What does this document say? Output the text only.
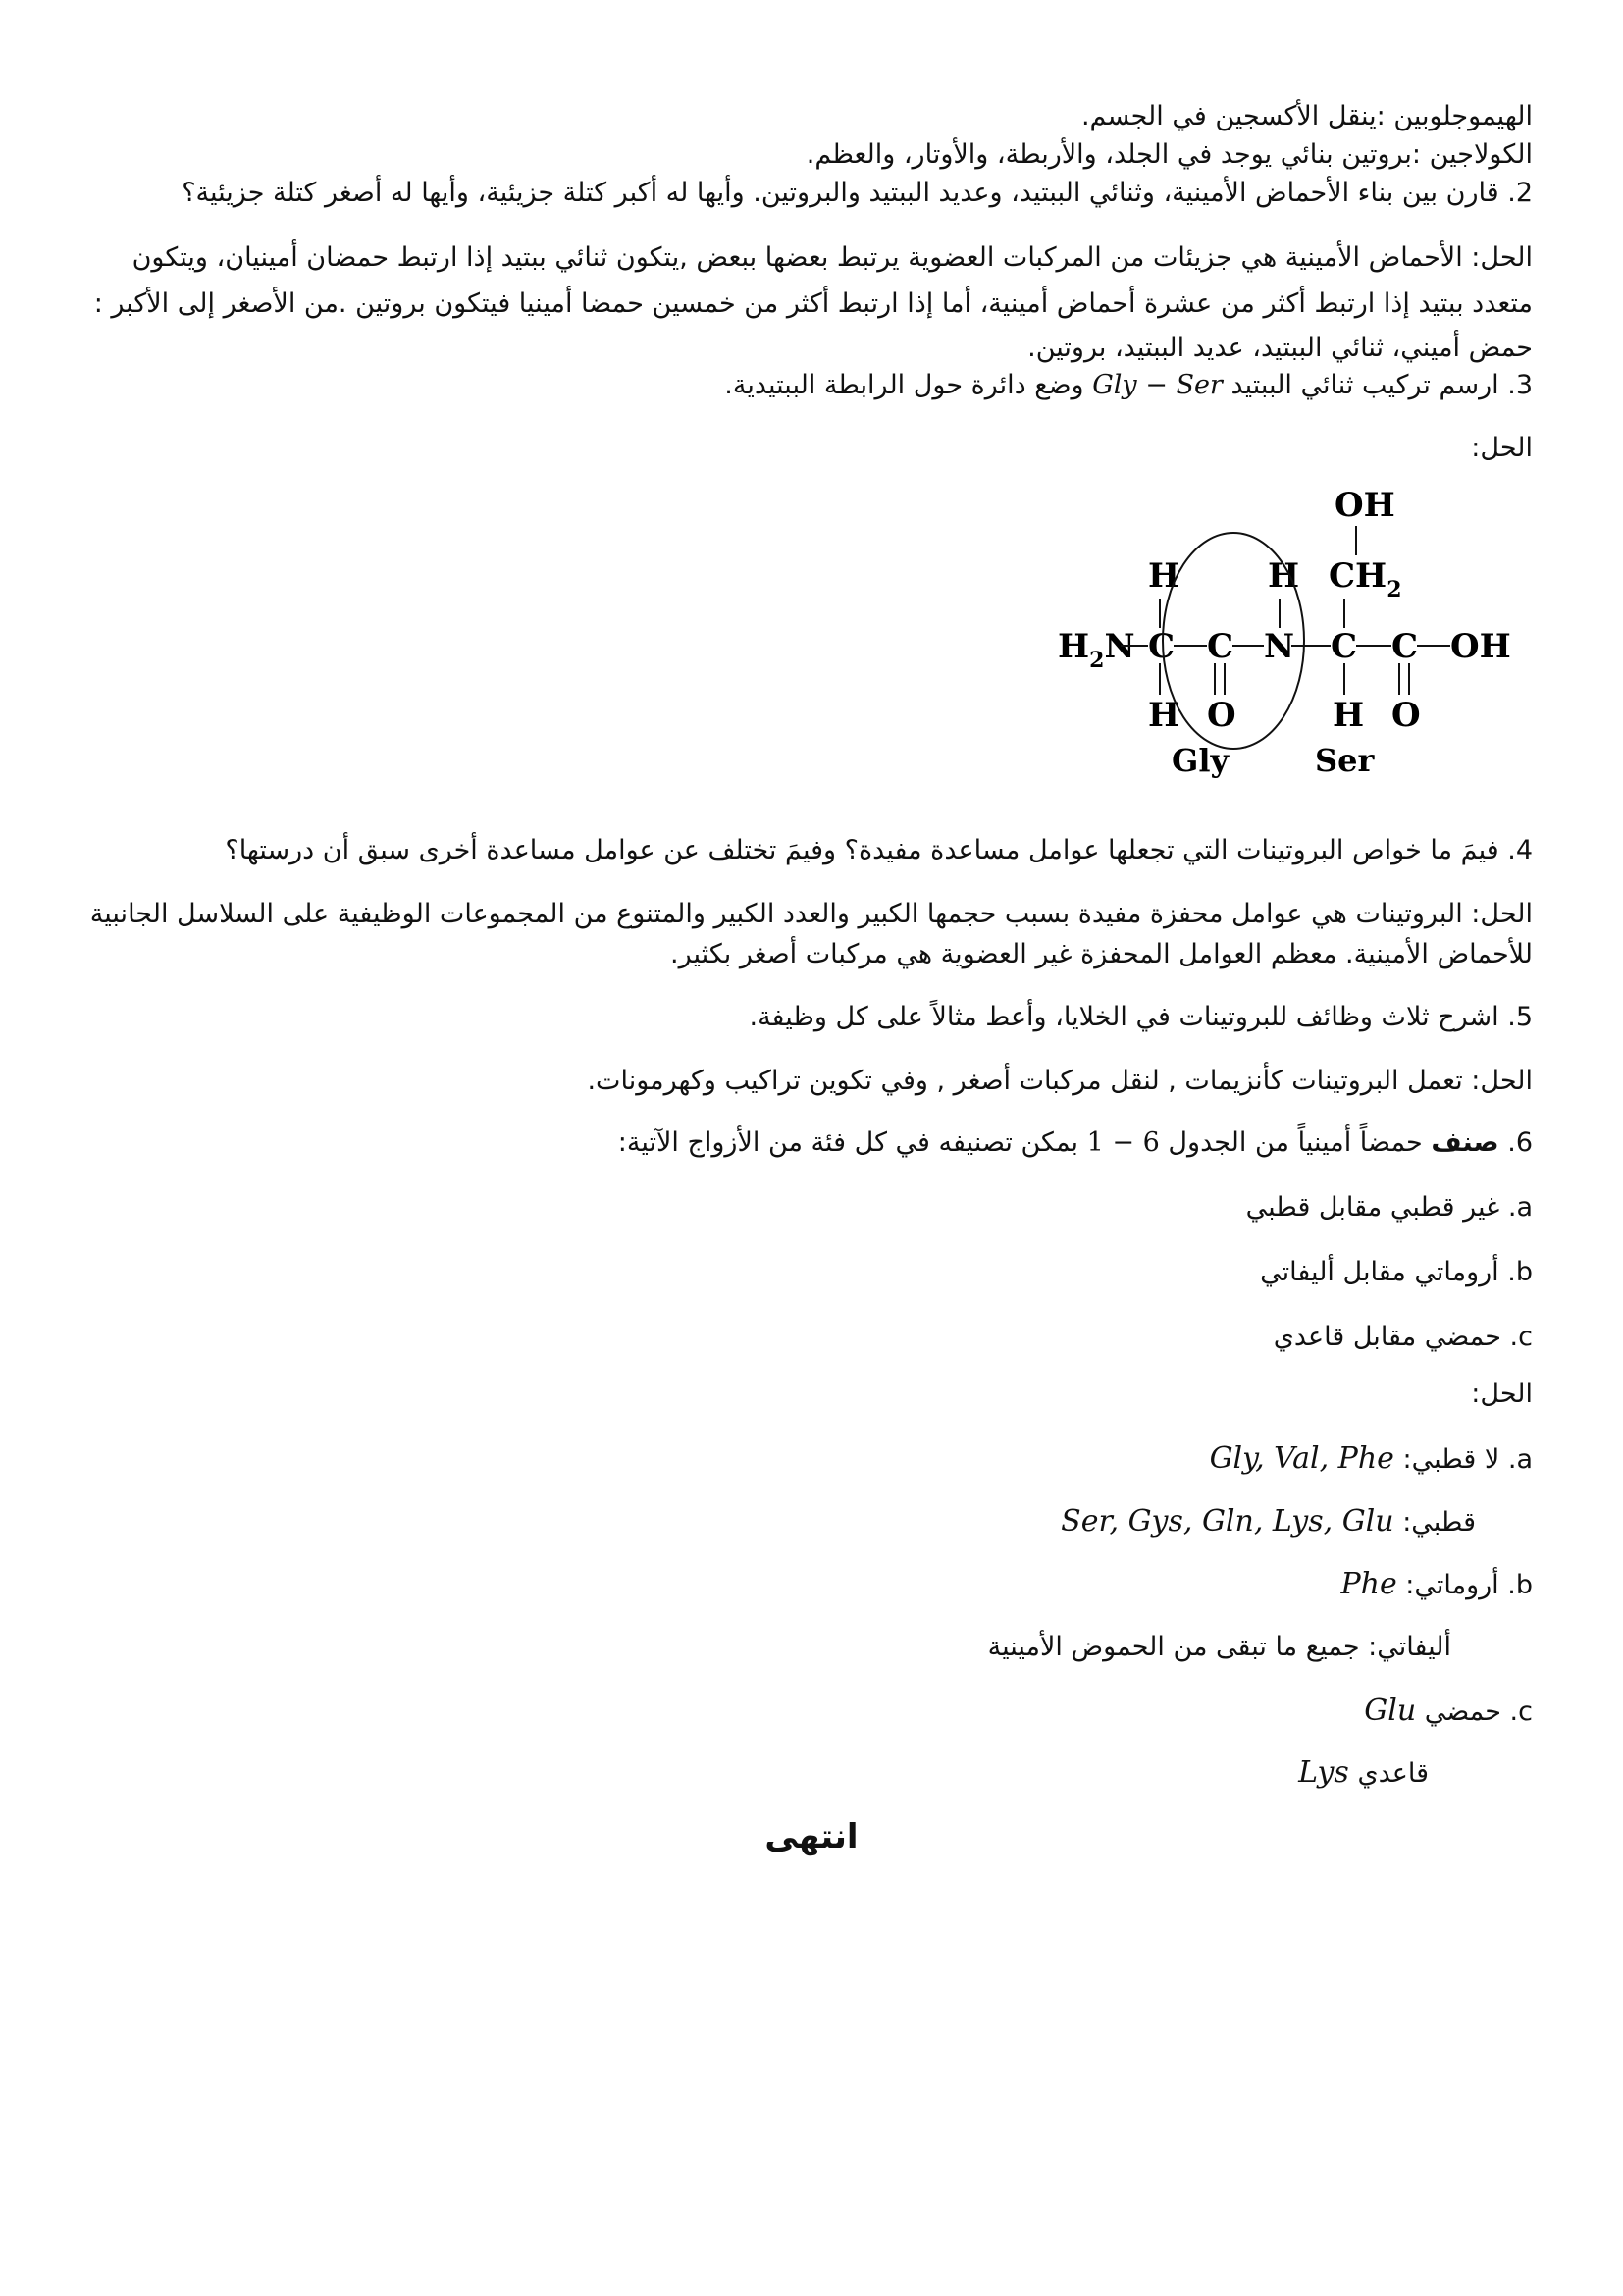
الهيموجلوبين :ينقل الأكسجين في الجسم.
الكولاجين :بروتين بنائي يوجد في الجلد، والأربطة، والأوتار، والعظم.
2. قارن بين بناء الأحماض الأمينية، وثنائي الببتيد، وعديد الببتيد والبروتين. وأيها له أكبر كتلة جزيئية، وأيها له أصغر كتلة جزيئية؟
الحل: الأحماض الأمينية هي جزيئات من المركبات العضوية يرتبط بعضها ببعض ,يتكون ثنائي ببتيد إذا ارتبط حمضان أمينيان، ويتكون
متعدد ببتيد إذا ارتبط أكثر من عشرة أحماض أمينية، أما إذا ارتبط أكثر من خمسين حمضا أمينيا فيتكون بروتين .من الأصغر إلى الأكبر :
حمض أميني، ثنائي الببتيد، عديد الببتيد، بروتين.
3. ارسم تركيب ثنائي الببتيد Gly − Ser وضع دائرة حول الرابطة الببتيدية.
الحل:
OH
$CH_2$
H	H
$H_2N$ C C N C C OH
H O	H O
Gly	Ser
4. فيمَ ما خواص البروتينات التي تجعلها عوامل مساعدة مفيدة؟ وفيمَ تختلف عن عوامل مساعدة أخرى سبق أن درستها؟
الحل: البروتينات هي عوامل محفزة مفيدة بسبب حجمها الكبير والعدد الكبير والمتنوع من المجموعات الوظيفية على السلاسل الجانبية
للأحماض الأمينية. معظم العوامل المحفزة غير العضوية هي مركبات أصغر بكثير.
5. اشرح ثلاث وظائف للبروتينات في الخلايا، وأعط مثالاً على كل وظيفة.
الحل: تعمل البروتينات كأنزيمات , لنقل مركبات أصغر , وفي تكوين تراكيب وكهرمونات.
6. صنف حمضاً أمينياً من الجدول 1 − 6 بمكن تصنيفه في كل فئة من الأزواج الآتية:
a. غير قطبي مقابل قطبي
b. أروماتي مقابل أليفاتي
c. حمضي مقابل قاعدي
الحل:
a. لا قطبي: Gly, Val, Phe
قطبي: Ser, Gys, Gln, Lys, Glu
b. أروماتي: Phe
أليفاتي: جميع ما تبقى من الحموض الأمينية
c. حمضي Glu
قاعدي Lys
انتهى
